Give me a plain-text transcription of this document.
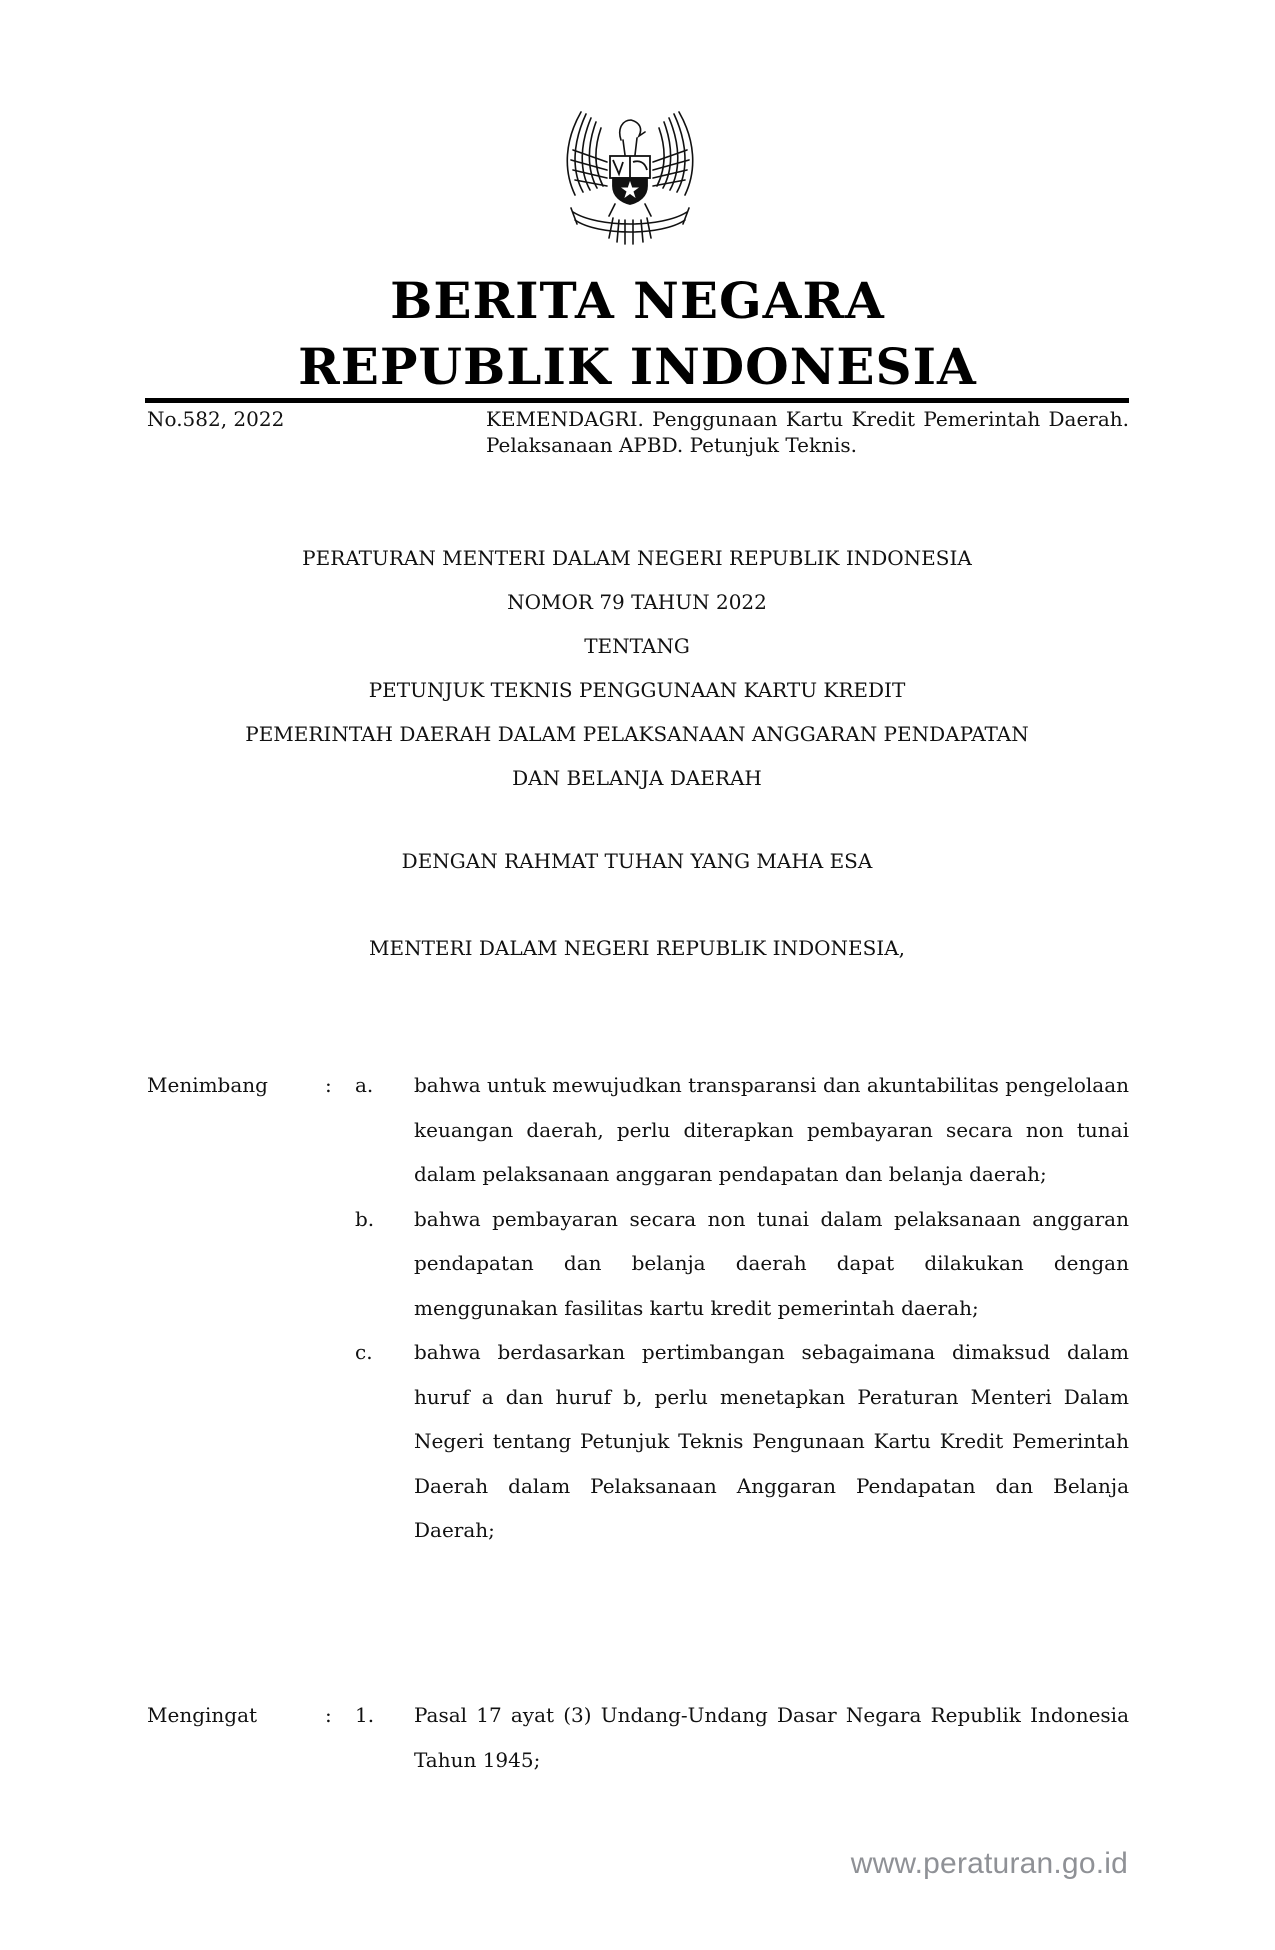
BERITA NEGARA
REPUBLIK INDONESIA
No.582, 2022	KEMENDAGRI. Penggunaan Kartu Kredit Pemerintah Daerah. Pelaksanaan APBD. Petunjuk Teknis.
PERATURAN MENTERI DALAM NEGERI REPUBLIK INDONESIA
NOMOR 79 TAHUN 2022
TENTANG
PETUNJUK TEKNIS PENGGUNAAN KARTU KREDIT
PEMERINTAH DAERAH DALAM PELAKSANAAN ANGGARAN PENDAPATAN
DAN BELANJA DAERAH
DENGAN RAHMAT TUHAN YANG MAHA ESA
MENTERI DALAM NEGERI REPUBLIK INDONESIA,
Menimbang	: a. bahwa untuk mewujudkan transparansi dan akuntabilitas pengelolaan keuangan daerah, perlu diterapkan pembayaran secara non tunai dalam pelaksanaan anggaran pendapatan dan belanja daerah;
b. bahwa pembayaran secara non tunai dalam pelaksanaan anggaran pendapatan dan belanja daerah dapat dilakukan dengan menggunakan fasilitas kartu kredit pemerintah daerah;
c. bahwa berdasarkan pertimbangan sebagaimana dimaksud dalam huruf a dan huruf b, perlu menetapkan Peraturan Menteri Dalam Negeri tentang Petunjuk Teknis Pengunaan Kartu Kredit Pemerintah Daerah dalam Pelaksanaan Anggaran Pendapatan dan Belanja Daerah;
Mengingat	: 1. Pasal 17 ayat (3) Undang-Undang Dasar Negara Republik Indonesia Tahun 1945;
www.peraturan.go.id
